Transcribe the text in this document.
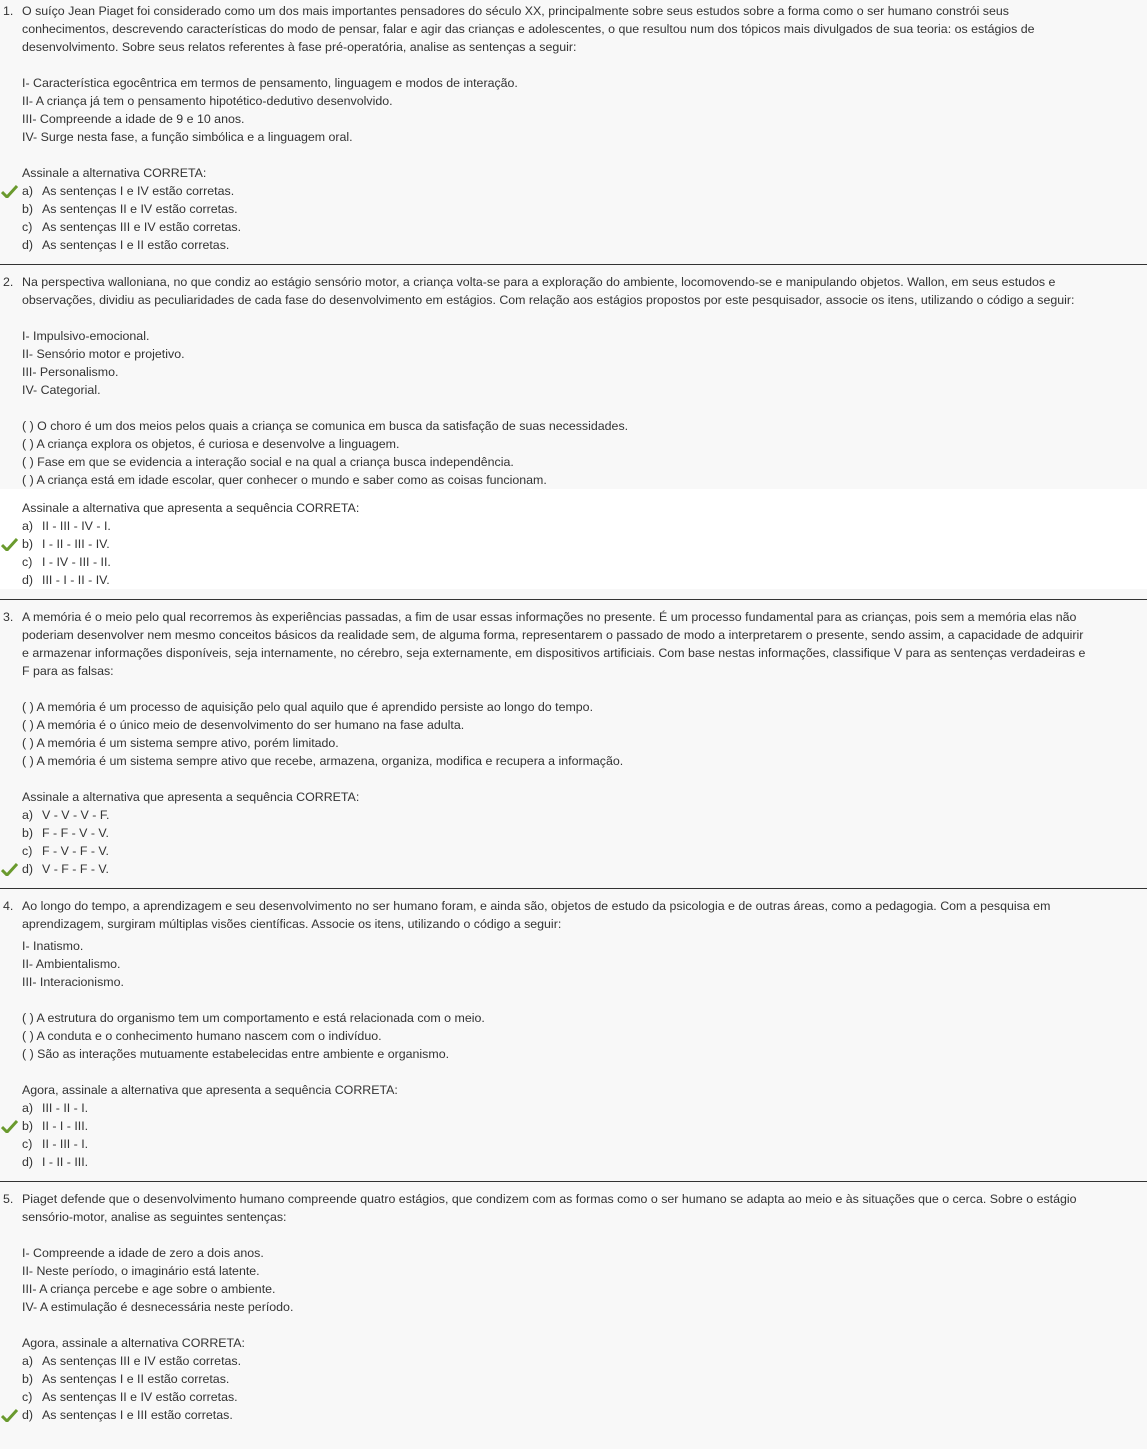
1. O suíço Jean Piaget foi considerado como um dos mais importantes pensadores do século XX, principalmente sobre seus estudos sobre a forma como o ser humano constrói seus

conhecimentos, descrevendo características do modo de pensar, falar e agir das crianças e adolescentes, o que resultou num dos tópicos mais divulgados de sua teoria: os estágios de

desenvolvimento. Sobre seus relatos referentes à fase pré-operatória, analise as sentenças a seguir:

I- Característica egocêntrica em termos de pensamento, linguagem e modos de interação.

II- A criança já tem o pensamento hipotético-dedutivo desenvolvido.

III- Compreende a idade de 9 e 10 anos.

IV- Surge nesta fase, a função simbólica e a linguagem oral.

Assinale a alternativa CORRETA:

a) As sentenças I e IV estão corretas.
b) As sentenças II e IV estão corretas.
c) As sentenças III e IV estão corretas.
d) As sentenças I e II estão corretas.
2. Na perspectiva walloniana, no que condiz ao estágio sensório motor, a criança volta-se para a exploração do ambiente, locomovendo-se e manipulando objetos. Wallon, em seus estudos e

observações, dividiu as peculiaridades de cada fase do desenvolvimento em estágios. Com relação aos estágios propostos por este pesquisador, associe os itens, utilizando o código a seguir:

I- Impulsivo-emocional.

II- Sensório motor e projetivo.

III- Personalismo.

IV- Categorial.

( ) O choro é um dos meios pelos quais a criança se comunica em busca da satisfação de suas necessidades.

( ) A criança explora os objetos, é curiosa e desenvolve a linguagem.

( ) Fase em que se evidencia a interação social e na qual a criança busca independência.

( ) A criança está em idade escolar, quer conhecer o mundo e saber como as coisas funcionam.

Assinale a alternativa que apresenta a sequência CORRETA:

a) II - III - IV - I.
b) I - II - III - IV.
c) I - IV - III - II.
d) III - I - II - IV.
3. A memória é o meio pelo qual recorremos às experiências passadas, a fim de usar essas informações no presente. É um processo fundamental para as crianças, pois sem a memória elas não

poderiam desenvolver nem mesmo conceitos básicos da realidade sem, de alguma forma, representarem o passado de modo a interpretarem o presente, sendo assim, a capacidade de adquirir

e armazenar informações disponíveis, seja internamente, no cérebro, seja externamente, em dispositivos artificiais. Com base nestas informações, classifique V para as sentenças verdadeiras e

F para as falsas:

( ) A memória é um processo de aquisição pelo qual aquilo que é aprendido persiste ao longo do tempo.

( ) A memória é o único meio de desenvolvimento do ser humano na fase adulta.

( ) A memória é um sistema sempre ativo, porém limitado.

( ) A memória é um sistema sempre ativo que recebe, armazena, organiza, modifica e recupera a informação.

Assinale a alternativa que apresenta a sequência CORRETA:

a) V - V - V - F.
b) F - F - V - V.
c) F - V - F - V.
d) V - F - F - V.
4. Ao longo do tempo, a aprendizagem e seu desenvolvimento no ser humano foram, e ainda são, objetos de estudo da psicologia e de outras áreas, como a pedagogia. Com a pesquisa em

aprendizagem, surgiram múltiplas visões científicas. Associe os itens, utilizando o código a seguir:

I- Inatismo.

II- Ambientalismo.

III- Interacionismo.

( ) A estrutura do organismo tem um comportamento e está relacionada com o meio.

( ) A conduta e o conhecimento humano nascem com o indivíduo.

( ) São as interações mutuamente estabelecidas entre ambiente e organismo.

Agora, assinale a alternativa que apresenta a sequência CORRETA:

a) III - II - I.
b) II - I - III.
c) II - III - I.
d) I - II - III.
5. Piaget defende que o desenvolvimento humano compreende quatro estágios, que condizem com as formas como o ser humano se adapta ao meio e às situações que o cerca. Sobre o estágio

sensório-motor, analise as seguintes sentenças:

I- Compreende a idade de zero a dois anos.

II- Neste período, o imaginário está latente.

III- A criança percebe e age sobre o ambiente.

IV- A estimulação é desnecessária neste período.

Agora, assinale a alternativa CORRETA:

a) As sentenças III e IV estão corretas.
b) As sentenças I e II estão corretas.
c) As sentenças II e IV estão corretas.
d) As sentenças I e III estão corretas.
